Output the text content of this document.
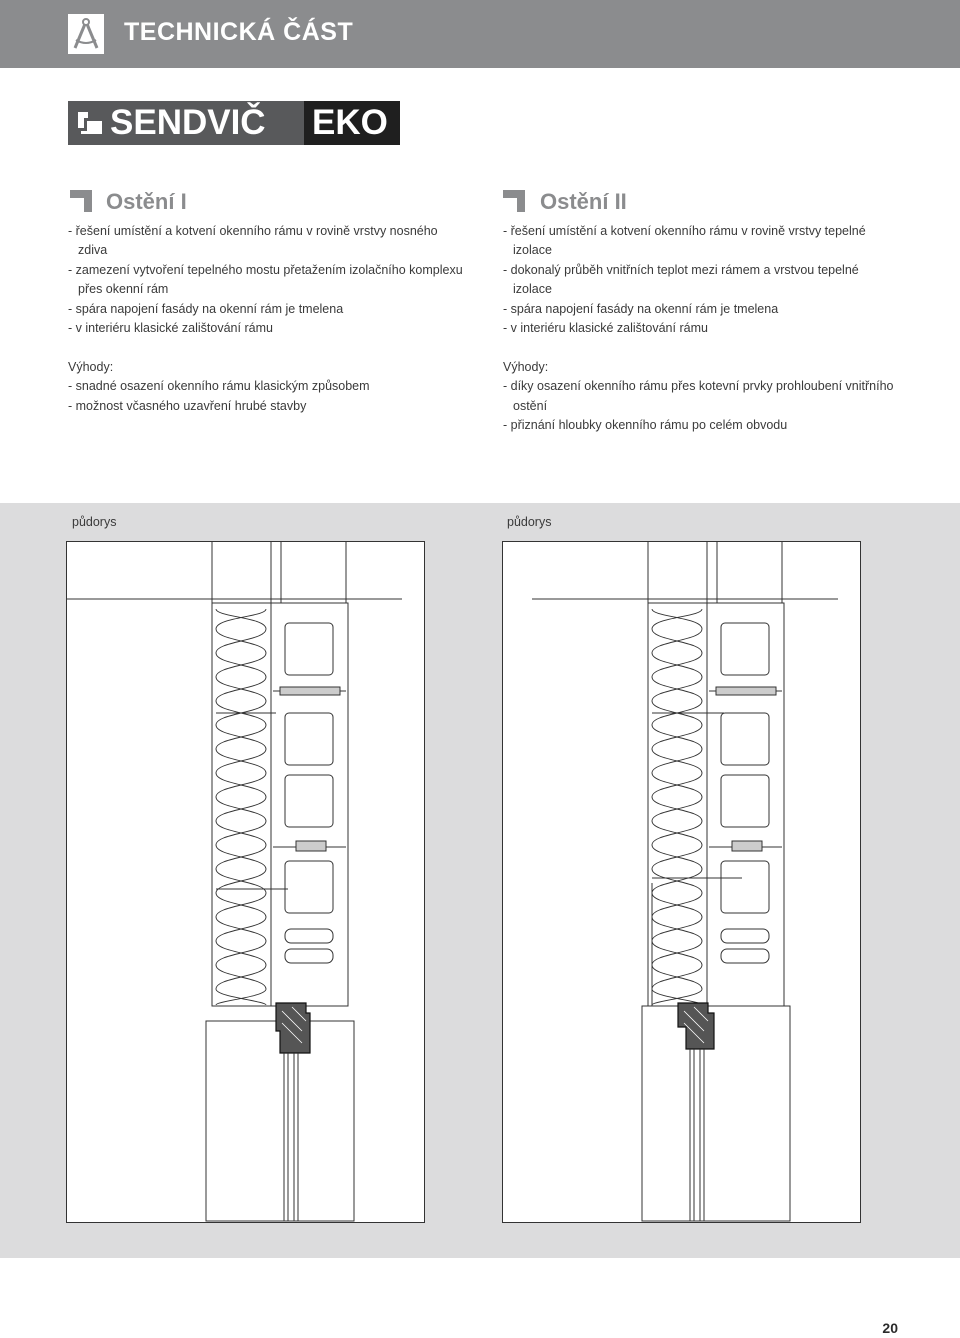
TECHNICKÁ ČÁST
SENDVIČ EKO
Ostění I
- řešení umístění a kotvení okenního rámu v rovině vrstvy nosného
zdiva
- zamezení vytvoření tepelného mostu přetažením izolačního komplexu
přes okenní rám
- spára napojení fasády na okenní rám je tmelena
- v interiéru klasické zalištování rámu
Výhody:
- snadné osazení okenního rámu klasickým způsobem
- možnost včasného uzavření hrubé stavby
Ostění II
- řešení umístění a kotvení okenního rámu v rovině vrstvy tepelné
izolace
- dokonalý průběh vnitřních teplot mezi rámem a vrstvou tepelné
izolace
- spára napojení fasády na okenní rám je tmelena
- v interiéru klasické zalištování rámu
Výhody:
- díky osazení okenního rámu přes kotevní prvky prohloubení vnitřního
ostění
- přiznání hloubky okenního rámu po celém obvodu
půdorys	půdorys
20
